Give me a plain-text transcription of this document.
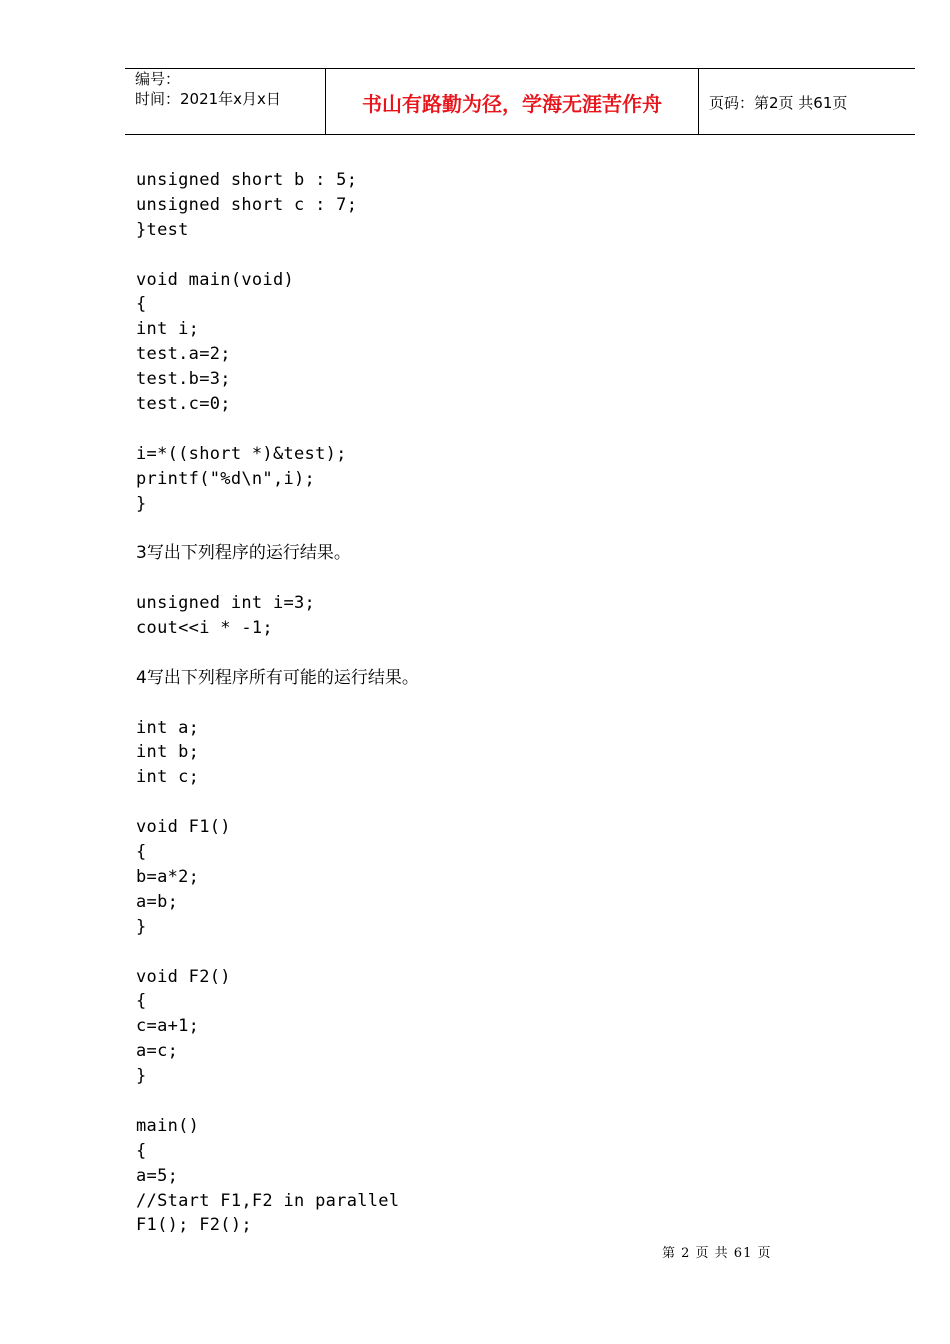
编号：
时间：2021年x月x日	书山有路勤为径，学海无涯苦作舟	页码：第2页 共61页
unsigned short b : 5;
unsigned short c : 7;
}test
void main(void)
{
int i;
test.a=2;
test.b=3;
test.c=0;
i=*((short *)&test);
printf("%d\n",i);
}
3写出下列程序的运行结果。
unsigned int i=3;
cout<<i * -1;
4写出下列程序所有可能的运行结果。
int a;
int b;
int c;
void F1()
{
b=a*2;
a=b;
}
void F2()
{
c=a+1;
a=c;
}
main()
{
a=5;
//Start F1,F2 in parallel
F1(); F2();
第 2 页 共 61 页
